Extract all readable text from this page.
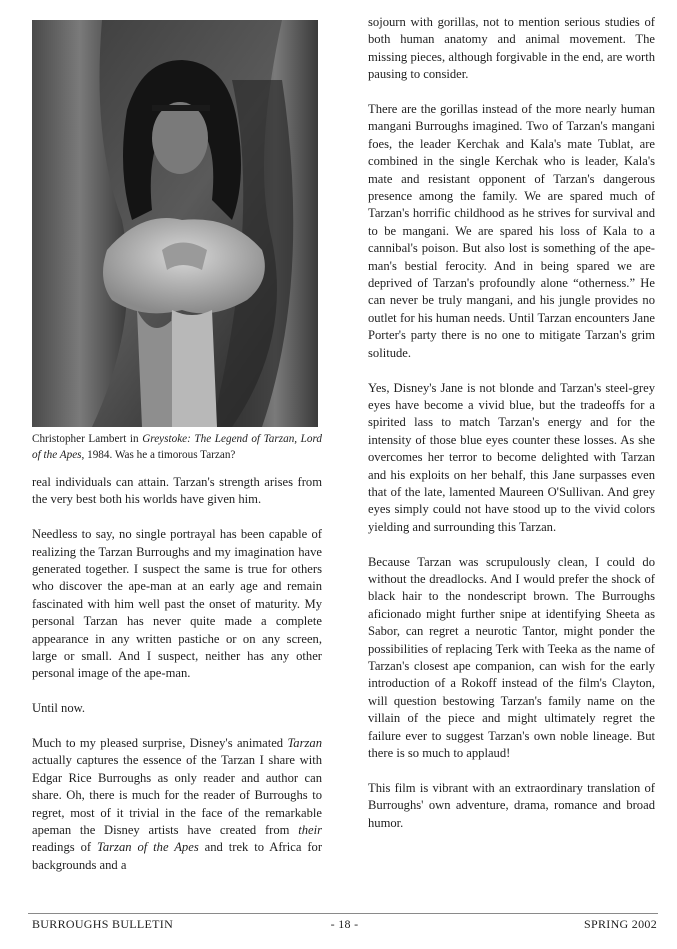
Christopher Lambert in Greystoke: The Legend of Tarzan, Lord of the Apes, 1984. Was he a timorous Tarzan?

real individuals can attain. Tarzan's strength arises from the very best both his worlds have given him.

Needless to say, no single portrayal has been capable of realizing the Tarzan Burroughs and my imagination have generated together. I suspect the same is true for others who discover the ape-man at an early age and remain fascinated with him well past the onset of maturity. My personal Tarzan has never quite made a complete appearance in any written pastiche or on any screen, large or small. And I suspect, neither has any other personal image of the ape-man.

Until now.

Much to my pleased surprise, Disney's animated Tarzan actually captures the essence of the Tarzan I share with Edgar Rice Burroughs as only reader and author can share. Oh, there is much for the reader of Burroughs to regret, most of it trivial in the face of the remarkable apeman the Disney artists have created from their readings of Tarzan of the Apes and trek to Africa for backgrounds and a

sojourn with gorillas, not to mention serious studies of both human anatomy and animal movement. The missing pieces, although forgivable in the end, are worth pausing to consider.

There are the gorillas instead of the more nearly human mangani Burroughs imagined. Two of Tarzan's mangani foes, the leader Kerchak and Kala's mate Tublat, are combined in the single Kerchak who is leader, Kala's mate and resistant opponent of Tarzan's dangerous presence among the family. We are spared much of Tarzan's horrific childhood as he strives for survival and to be mangani. We are spared his loss of Kala to a cannibal's poison. But also lost is something of the ape-man's bestial ferocity. And in being spared we are deprived of Tarzan's profoundly alone “otherness.” He can never be truly mangani, and his jungle provides no outlet for his human needs. Until Tarzan encounters Jane Porter's party there is no one to mitigate Tarzan's grim solitude.

Yes, Disney's Jane is not blonde and Tarzan's steel-grey eyes have become a vivid blue, but the tradeoffs for a spirited lass to match Tarzan's energy and for the intensity of those blue eyes counter these losses. As she overcomes her terror to become delighted with Tarzan and his exploits on her behalf, this Jane surpasses even that of the late, lamented Maureen O'Sullivan. And grey eyes simply could not have stood up to the vivid colors yielding and surrounding this Tarzan.

Because Tarzan was scrupulously clean, I could do without the dreadlocks. And I would prefer the shock of black hair to the nondescript brown. The Burroughs aficionado might further snipe at identifying Sheeta as Sabor, can regret a neurotic Tantor, might ponder the possibilities of replacing Terk with Teeka as the name of Tarzan's closest ape companion, can wish for the early introduction of a Rokoff instead of the film's Clayton, will question bestowing Tarzan's family name on the villain of the piece and might ultimately regret the failure ever to suggest Tarzan's own noble lineage. But there is so much to applaud!

This film is vibrant with an extraordinary translation of Burroughs' own adventure, drama, romance and broad humor.

BURROUGHS BULLETIN	- 18 -	SPRING 2002
